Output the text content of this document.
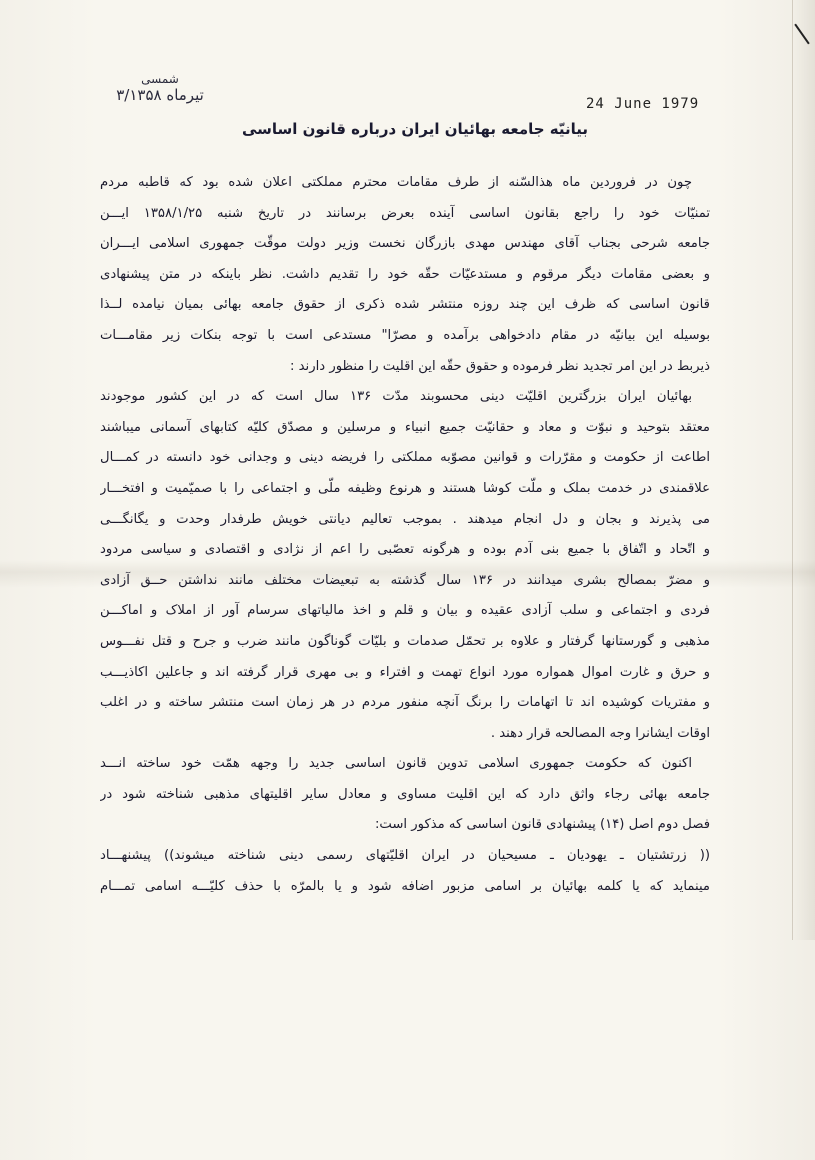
شمسی
۳/تیرماه ۱۳۵۸	24 June 1979
بیانیّه جامعه بهائیان ایران درباره قانون اساسی
چون در فروردین ماه هذالسّنه از طرف مقامات محترم مملکتی اعلان شده بود که قاطبه مردم
تمنیّات خود را راجع بقانون اساسی آینده بعرض برسانند در تاریخ شنبه ۱۳۵۸/۱/۲۵ ایـــن
جامعه شرحی بجناب آقای مهندس مهدی بازرگان نخست وزیر دولت موقّت جمهوری اسلامی ایـــران
و بعضی مقامات دیگر مرقوم و مستدعیّات حقّه خود را تقدیم داشت. نظر باینکه در متن پیشنهادی
قانون اساسی که ظرف این چند روزه منتشر شده ذکری از حقوق جامعه بهائی بمیان نیامده لــذا
بوسیله این بیانیّه در مقام دادخواهی برآمده و مصرّا" مستدعی است با توجه بنکات زیر مقامـــات
ذیربط در این امر تجدید نظر فرموده و حقوق حقّه این اقلیت را منظور دارند :
بهائیان ایران بزرگترین اقلیّت دینی محسوبند مدّت ۱۳۶ سال است که در این کشور موجودند
معتقد بتوحید و نبوّت و معاد و حقانیّت جمیع انبیاء و مرسلین و مصدّق کلیّه کتابهای آسمانی میباشند
اطاعت از حکومت و مقرّرات و قوانین مصوّبه مملکتی را فریضه دینی و وجدانی خود دانسته در کمـــال
علاقمندی در خدمت بملک و ملّت کوشا هستند و هرنوع وظیفه ملّی و اجتماعی را با صمیّمیت و افتخـــار
می پذیرند و بجان و دل انجام میدهند . بموجب تعالیم دیانتی خویش طرفدار وحدت و یگانگـــی
و اتّحاد و اتّفاق با جمیع بنی آدم بوده و هرگونه تعصّبی را اعم از نژادی و اقتصادی و سیاسی مردود
و مضرّ بمصالح بشری میدانند در ۱۳۶ سال گذشته به تبعیضات مختلف مانند نداشتن حــق آزادی
فردی و اجتماعی و سلب آزادی عقیده و بیان و قلم و اخذ مالیاتهای سرسام آور از املاک و اماکـــن
مذهبی و گورستانها گرفتار و علاوه بر تحمّل صدمات و بلیّات گوناگون مانند ضرب و جرح و قتل نفـــوس
و حرق و غارت اموال همواره مورد انواع تهمت و افتراء و بی مهری قرار گرفته اند و جاعلین اکاذیـــب
و مفتریات کوشیده اند تا اتهامات را برنگ آنچه منفور مردم در هر زمان است منتشر ساخته و در اغلب
اوقات ایشانرا وجه المصالحه قرار دهند .
اکنون که حکومت جمهوری اسلامی تدوین قانون اساسی جدید را وجهه همّت خود ساخته انـــد
جامعه بهائی رجاء واثق دارد که این اقلیت مساوی و معادل سایر اقلیتهای مذهبی شناخته شود در
فصل دوم اصل (۱۴) پیشنهادی قانون اساسی که مذکور است:
(( زرتشتیان ـ یهودیان ـ مسیحیان در ایران اقلیّتهای رسمی دینی شناخته میشوند)) پیشنهـــاد
مینماید که یا کلمه بهائیان بر اسامی مزبور اضافه شود و یا بالمرّه با حذف کلیّـــه اسامی تمـــام
